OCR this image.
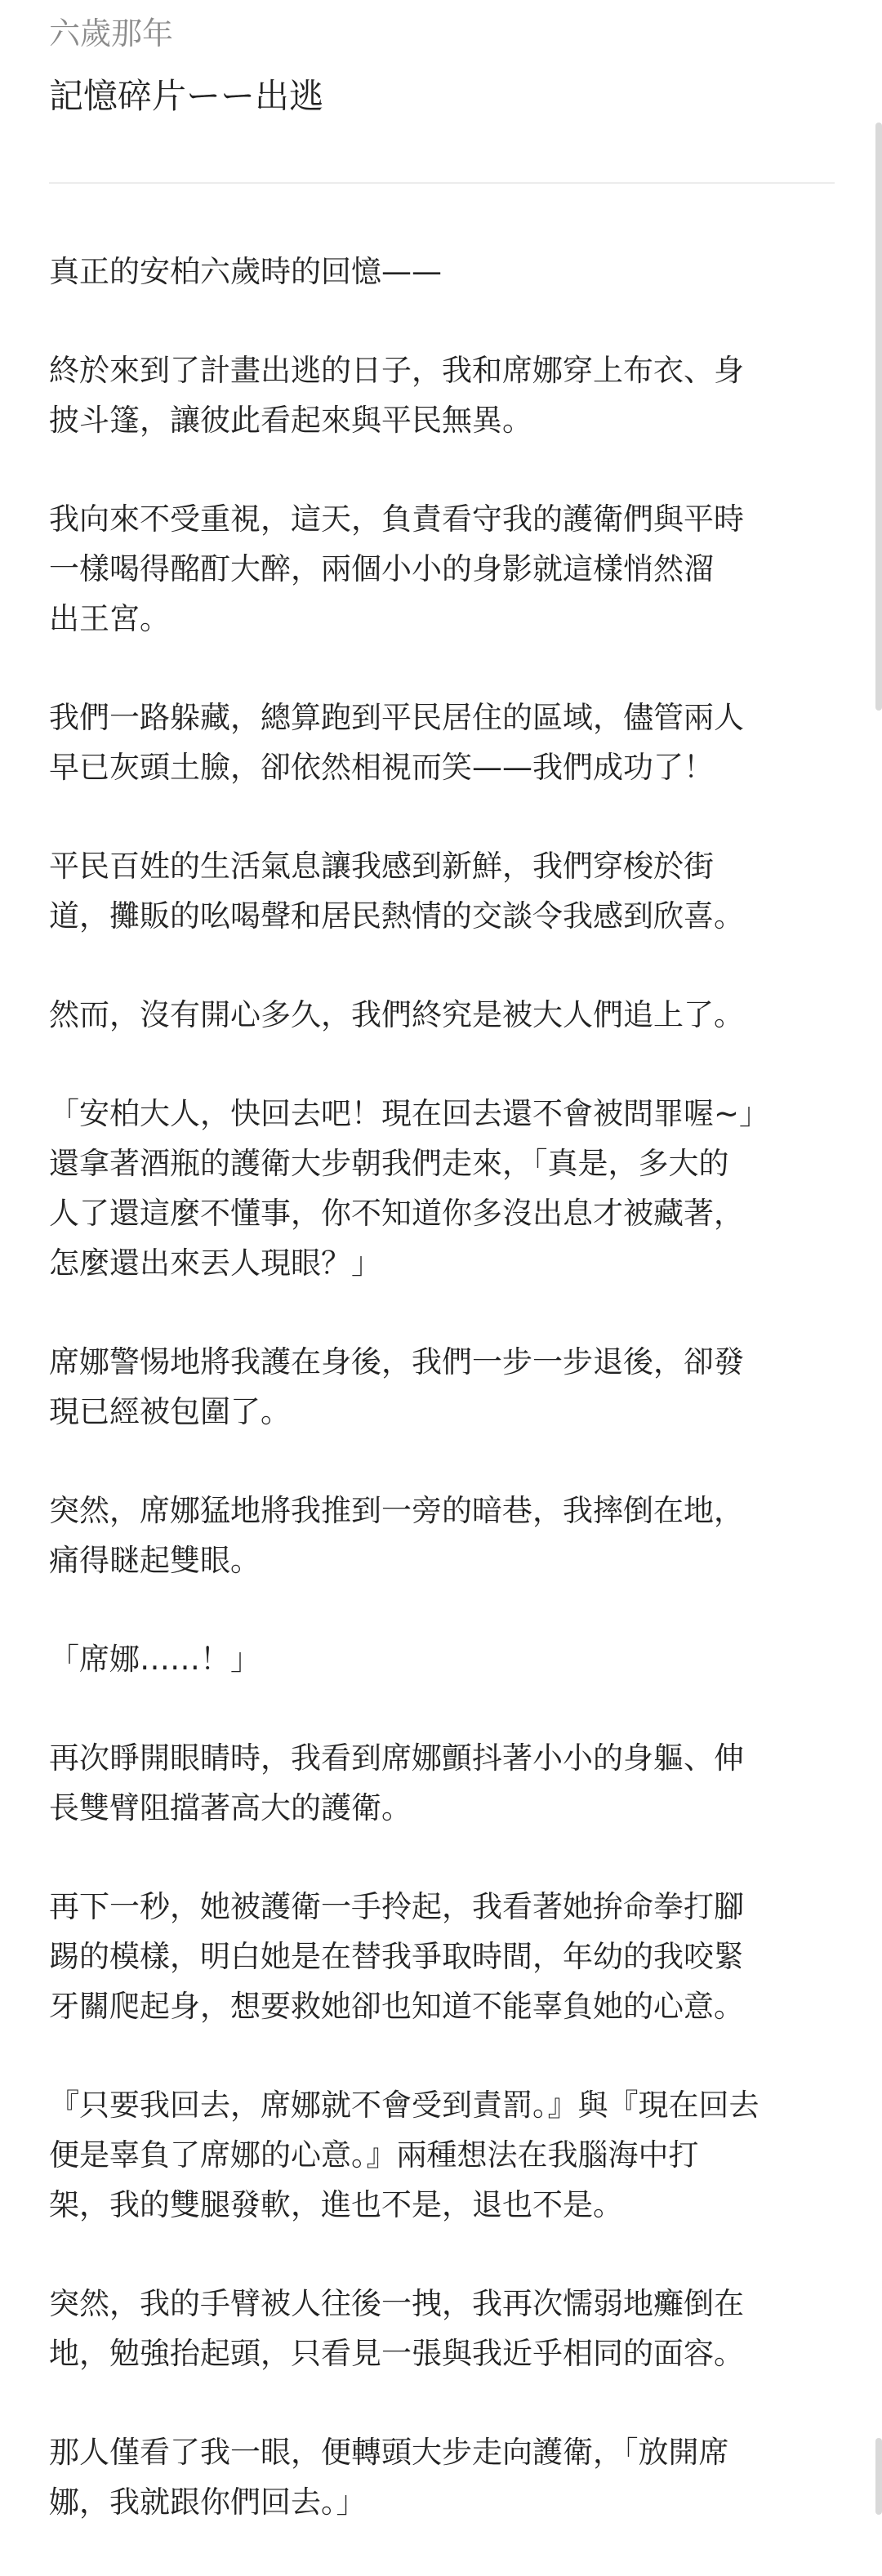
六歲那年
記憶碎片ーー出逃

真正的安柏六歲時的回憶——

終於來到了計畫出逃的日子，我和席娜穿上布衣、身
披斗篷，讓彼此看起來與平民無異。

我向來不受重視，這天，負責看守我的護衛們與平時
一樣喝得酩酊大醉，兩個小小的身影就這樣悄然溜
出王宮。

我們一路躲藏，總算跑到平民居住的區域，儘管兩人
早已灰頭土臉，卻依然相視而笑——我們成功了！

平民百姓的生活氣息讓我感到新鮮，我們穿梭於街
道，攤販的吆喝聲和居民熱情的交談令我感到欣喜。

然而，沒有開心多久，我們終究是被大人們追上了。

「安柏大人，快回去吧！現在回去還不會被問罪喔~」
還拿著酒瓶的護衛大步朝我們走來，「真是，多大的
人了還這麼不懂事，你不知道你多沒出息才被藏著，
怎麼還出來丟人現眼？」

席娜警惕地將我護在身後，我們一步一步退後，卻發
現已經被包圍了。

突然，席娜猛地將我推到一旁的暗巷，我摔倒在地，
痛得瞇起雙眼。

「席娜……！」

再次睜開眼睛時，我看到席娜顫抖著小小的身軀、伸
長雙臂阻擋著高大的護衛。

再下一秒，她被護衛一手拎起，我看著她拚命拳打腳
踢的模樣，明白她是在替我爭取時間，年幼的我咬緊
牙關爬起身，想要救她卻也知道不能辜負她的心意。

『只要我回去，席娜就不會受到責罰。』與『現在回去
便是辜負了席娜的心意。』兩種想法在我腦海中打
架，我的雙腿發軟，進也不是，退也不是。

突然，我的手臂被人往後一拽，我再次懦弱地癱倒在
地，勉強抬起頭，只看見一張與我近乎相同的面容。

那人僅看了我一眼，便轉頭大步走向護衛，「放開席
娜，我就跟你們回去。」
